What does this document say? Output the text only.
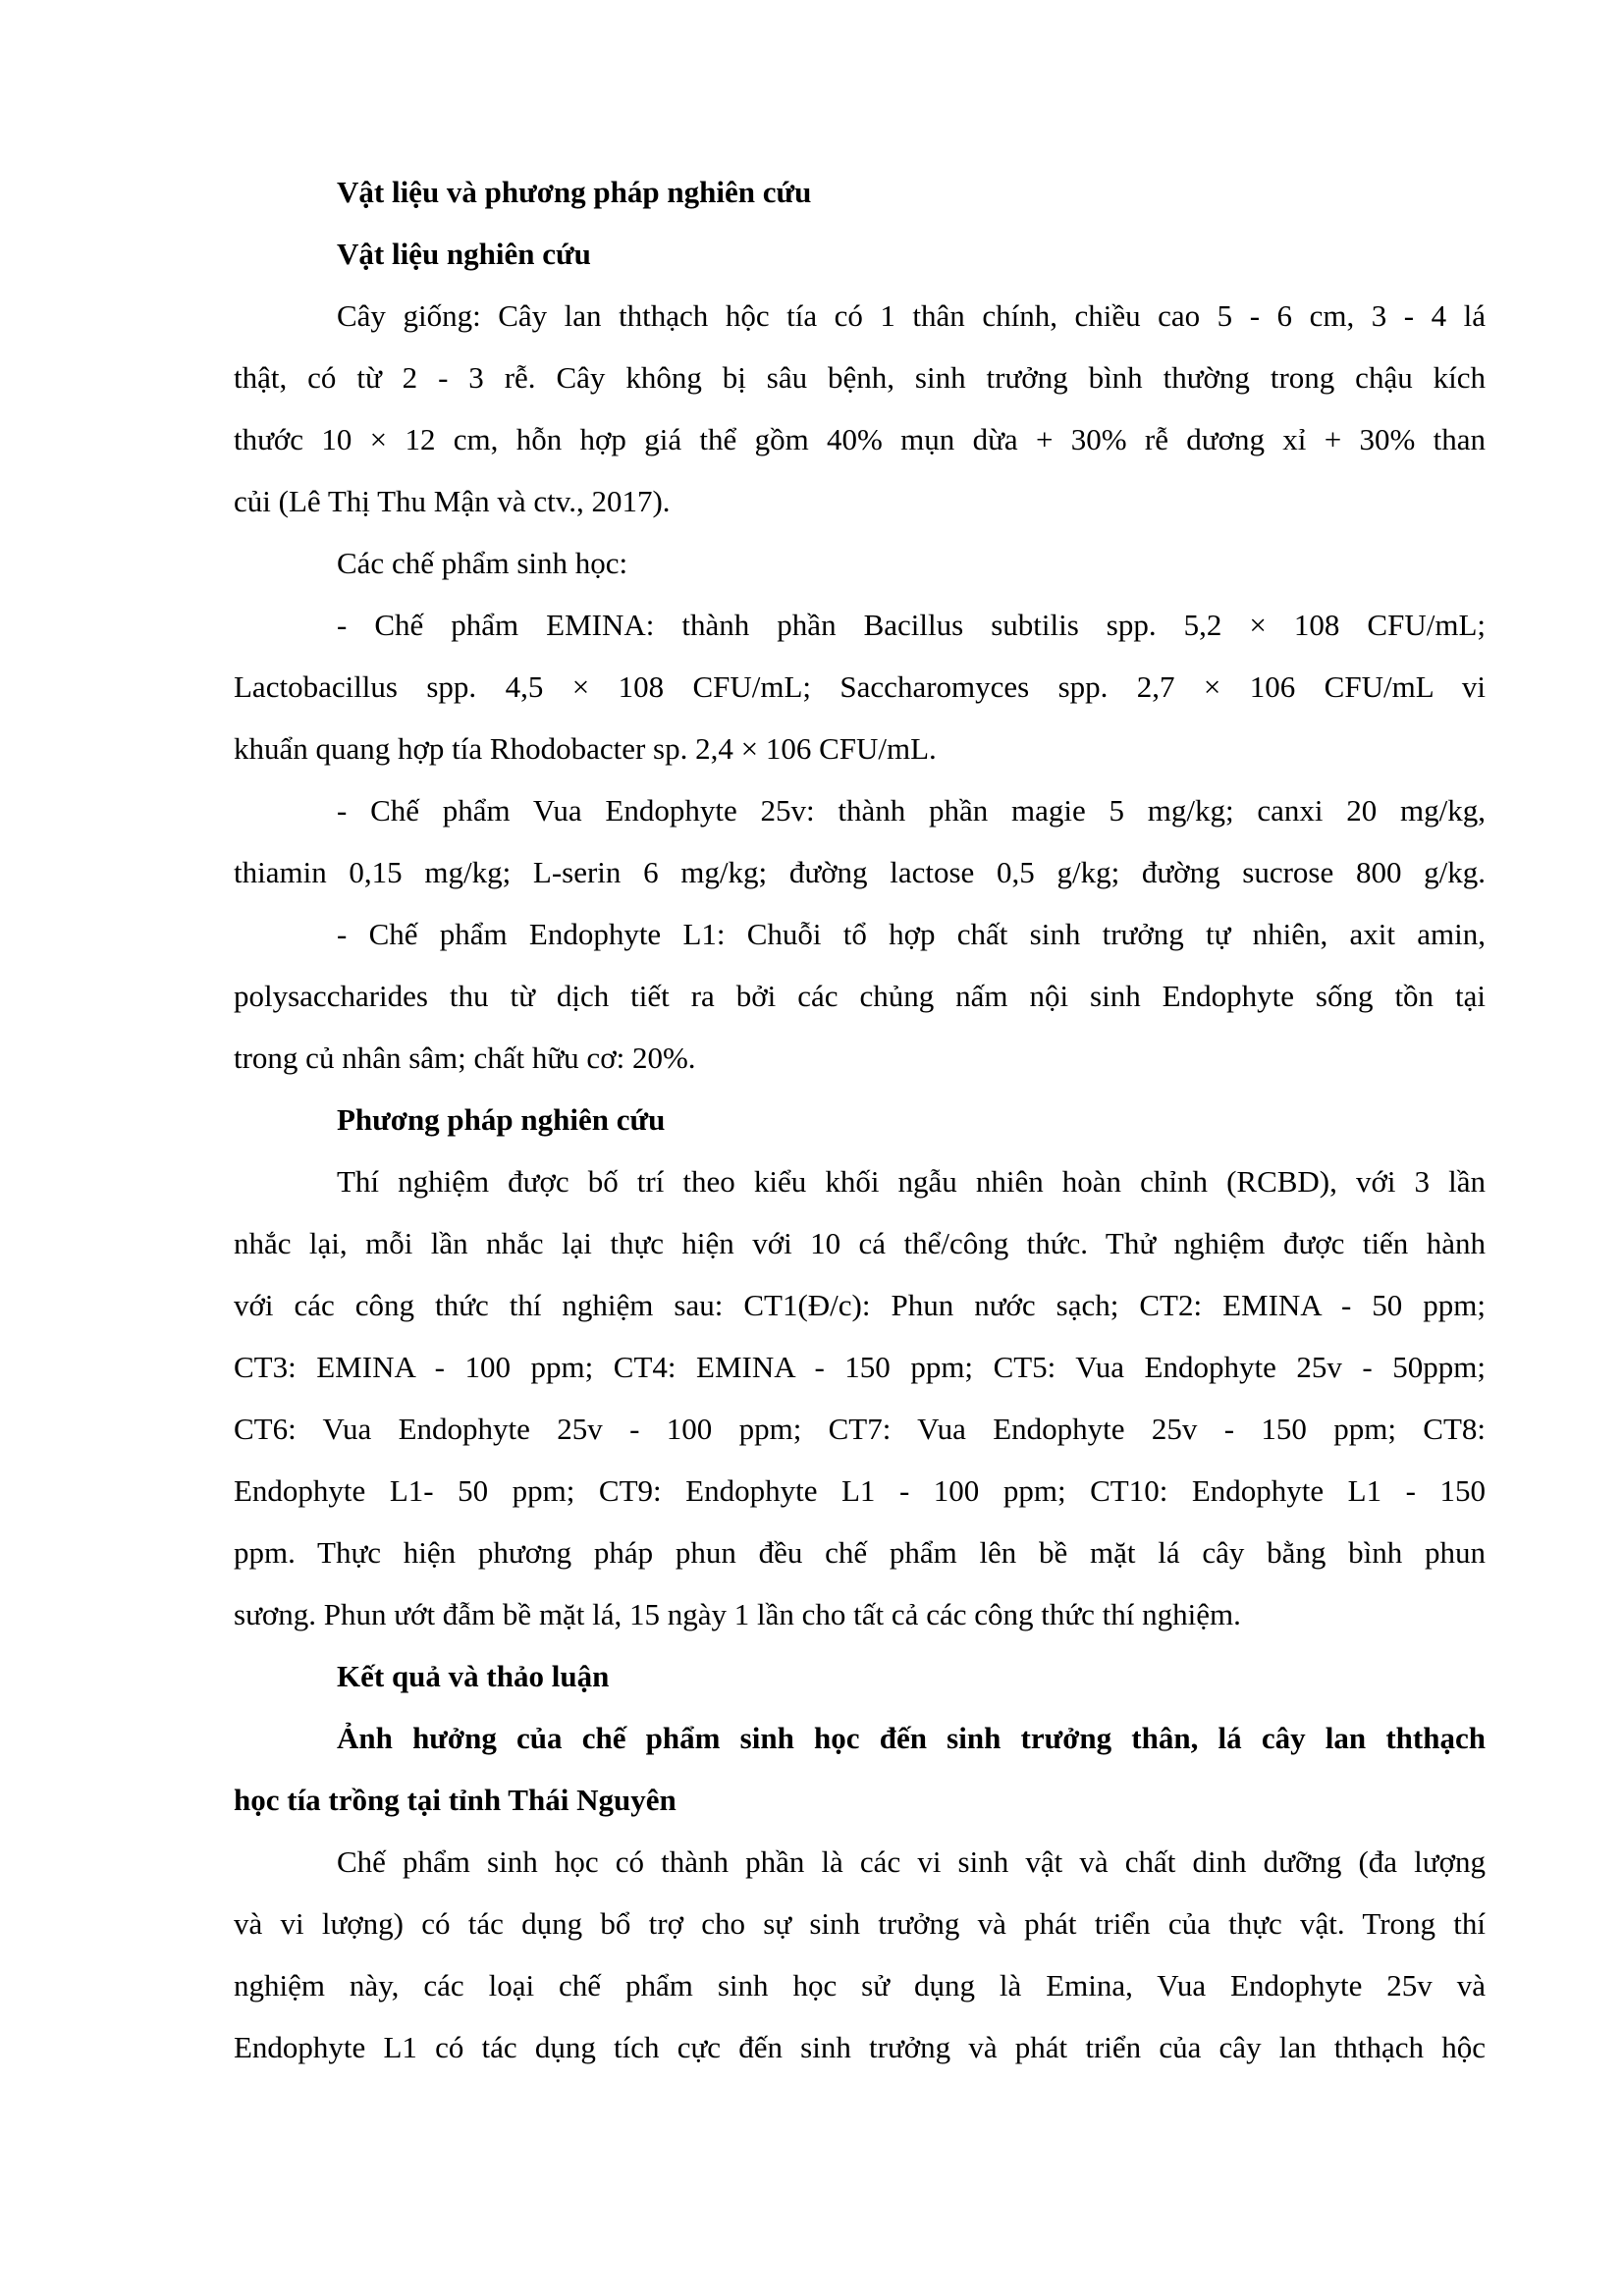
Vật liệu và phương pháp nghiên cứu
Vật liệu nghiên cứu
Cây giống: Cây lan ththạch hộc tía có 1 thân chính, chiều cao 5 - 6 cm, 3 - 4 lá
thật, có từ 2 - 3 rễ. Cây không bị sâu bệnh, sinh trưởng bình thường trong chậu kích
thước 10 × 12 cm, hỗn hợp giá thể gồm 40% mụn dừa + 30% rễ dương xỉ + 30% than
củi (Lê Thị Thu Mận và ctv., 2017).
Các chế phẩm sinh học:
- Chế phẩm EMINA: thành phần Bacillus subtilis spp. 5,2 × 108 CFU/mL;
Lactobacillus spp. 4,5 × 108 CFU/mL; Saccharomyces spp. 2,7 × 106 CFU/mL vi
khuẩn quang hợp tía Rhodobacter sp. 2,4 × 106 CFU/mL.
- Chế phẩm Vua Endophyte 25v: thành phần magie 5 mg/kg; canxi 20 mg/kg,
thiamin 0,15 mg/kg; L-serin 6 mg/kg; đường lactose 0,5 g/kg; đường sucrose 800 g/kg.
- Chế phẩm Endophyte L1: Chuỗi tổ hợp chất sinh trưởng tự nhiên, axit amin,
polysaccharides thu từ dịch tiết ra bởi các chủng nấm nội sinh Endophyte sống tồn tại
trong củ nhân sâm; chất hữu cơ: 20%.
Phương pháp nghiên cứu
Thí nghiệm được bố trí theo kiểu khối ngẫu nhiên hoàn chỉnh (RCBD), với 3 lần
nhắc lại, mỗi lần nhắc lại thực hiện với 10 cá thể/công thức. Thử nghiệm được tiến hành
với các công thức thí nghiệm sau: CT1(Đ/c): Phun nước sạch; CT2: EMINA - 50 ppm;
CT3: EMINA - 100 ppm; CT4: EMINA - 150 ppm; CT5: Vua Endophyte 25v - 50ppm;
CT6: Vua Endophyte 25v - 100 ppm; CT7: Vua Endophyte 25v - 150 ppm; CT8:
Endophyte L1- 50 ppm; CT9: Endophyte L1 - 100 ppm; CT10: Endophyte L1 - 150
ppm. Thực hiện phương pháp phun đều chế phẩm lên bề mặt lá cây bằng bình phun
sương. Phun ướt đẫm bề mặt lá, 15 ngày 1 lần cho tất cả các công thức thí nghiệm.
Kết quả và thảo luận
Ảnh hưởng của chế phẩm sinh học đến sinh trưởng thân, lá cây lan ththạch
học tía trồng tại tỉnh Thái Nguyên
Chế phẩm sinh học có thành phần là các vi sinh vật và chất dinh dưỡng (đa lượng
và vi lượng) có tác dụng bổ trợ cho sự sinh trưởng và phát triển của thực vật. Trong thí
nghiệm này, các loại chế phẩm sinh học sử dụng là Emina, Vua Endophyte 25v và
Endophyte L1 có tác dụng tích cực đến sinh trưởng và phát triển của cây lan ththạch hộc
